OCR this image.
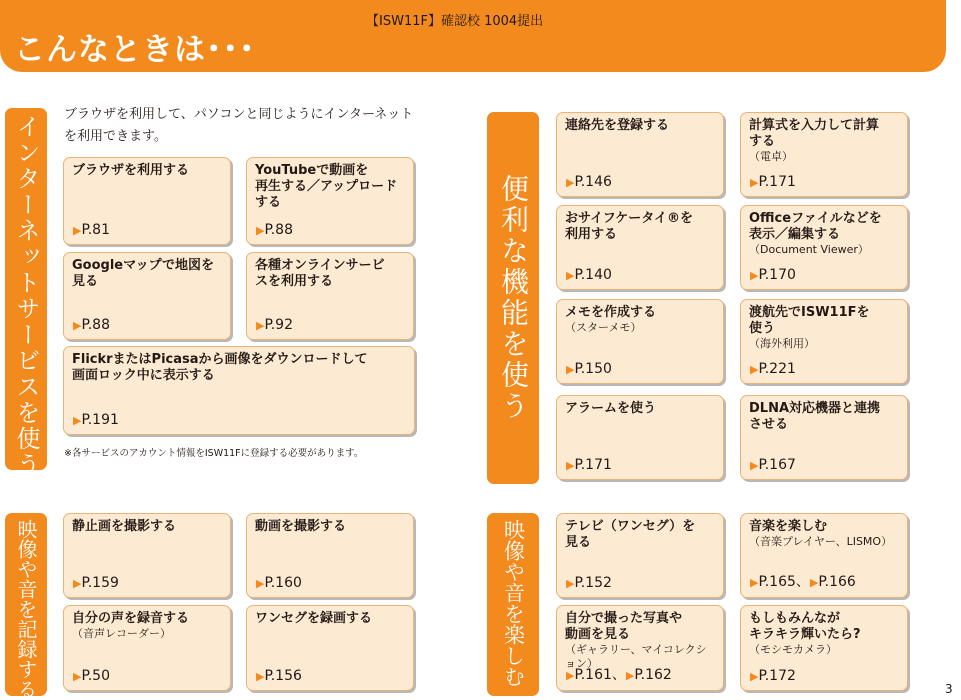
こんなときは･･･
【ISW11F】確認校 1004提出
インターネットサービスを使う ブラウザを利用して、パソコンと同じようにインターネットを利用できます。
ブラウザを利用する
▶P.81
YouTubeで動画を
再生する／アップロードする
▶P.88
Googleマップで地図を
見る
▶P.88
各種オンラインサービ
スを利用する
▶P.92
FlickrまたはPicasaから画像をダウンロードして
画面ロック中に表示する
▶P.191
※各サービスのアカウント情報をISW11Fに登録する必要があります。
便利な機能を使う
連絡先を登録する
▶P.146
計算式を入力して計算
する
（電卓）
▶P.171
おサイフケータイ®を
利用する
▶P.140
Officeファイルなどを
表示／編集する
（Document Viewer）
▶P.170
メモを作成する
（スターメモ）
▶P.150
渡航先でISW11Fを
使う
（海外利用）
▶P.221
アラームを使う
▶P.171
DLNA対応機器と連携
させる
▶P.167
映像や音を記録する	静止画を撮影する
▶P.159
動画を撮影する
▶P.160
自分の声を録音する
（音声レコーダー）
▶P.50
ワンセグを録画する
▶P.156	映像や音を楽しむ	テレビ（ワンセグ）を
見る
▶P.152
音楽を楽しむ
（音楽プレイヤー、LISMO）
▶P.165、▶P.166
自分で撮った写真や
動画を見る
（ギャラリー、マイコレクション）
▶P.161、▶P.162
もしもみんなが
キラキラ輝いたら?
（モシモカメラ）
▶P.172
3
